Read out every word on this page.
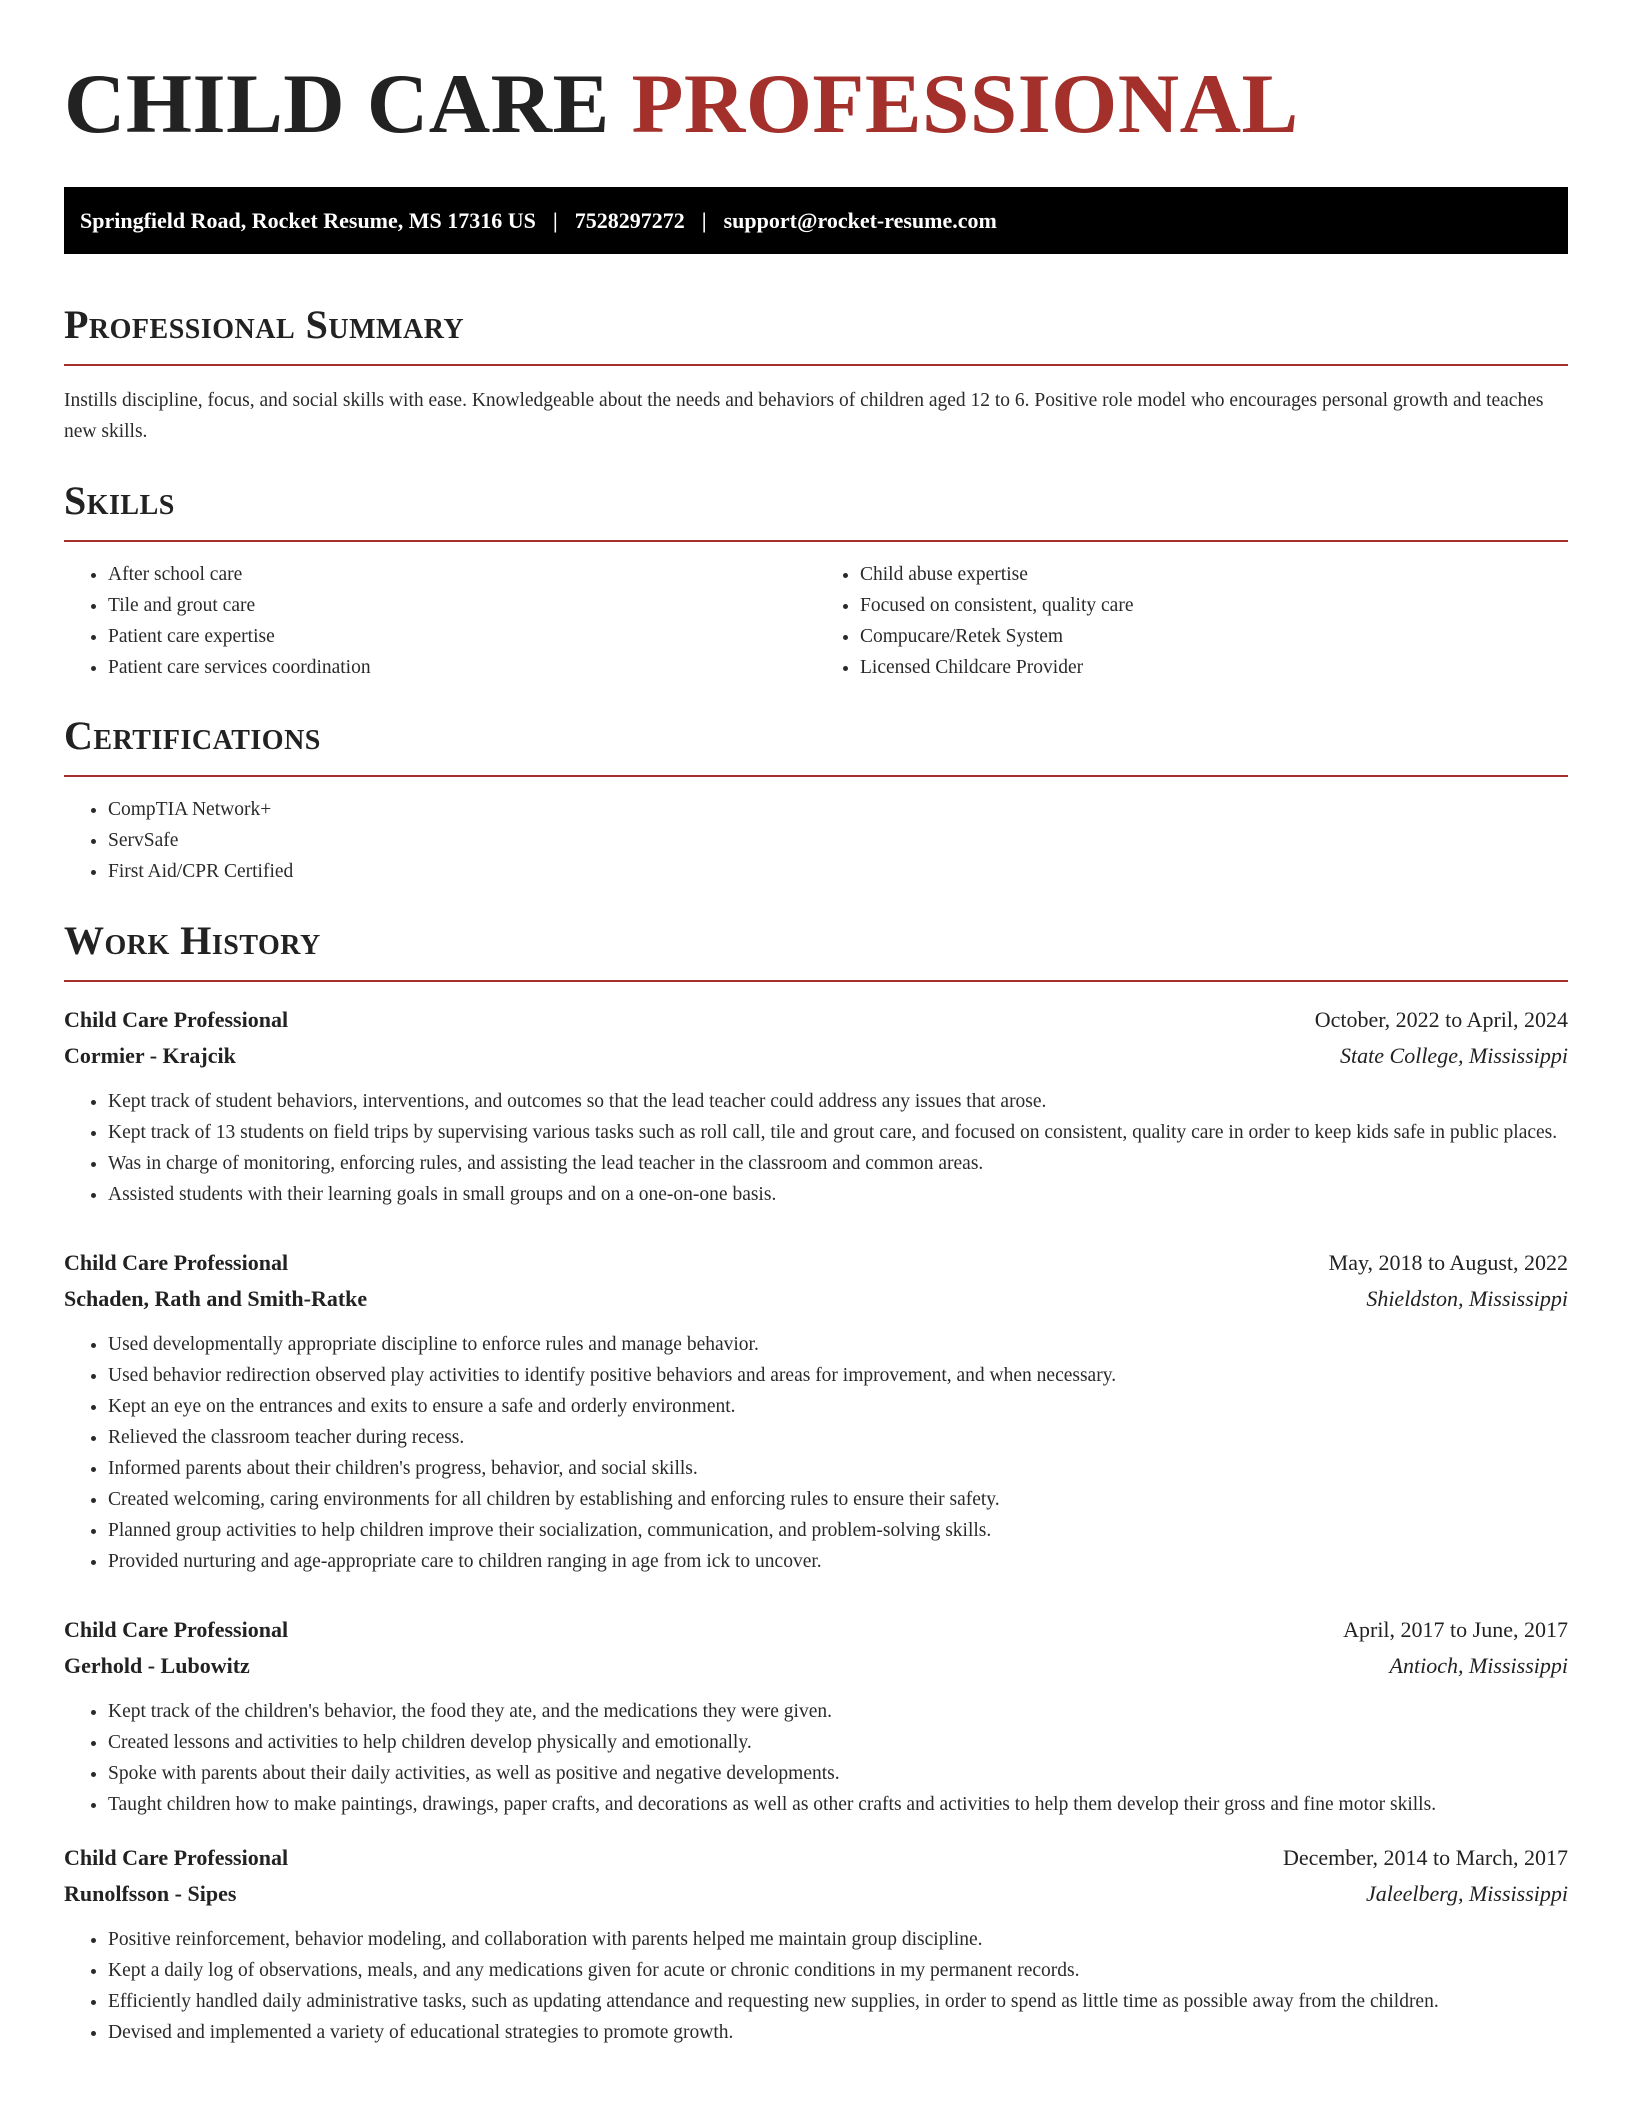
CHILD CARE PROFESSIONAL
Springfield Road, Rocket Resume, MS 17316 US | 7528297272 | support@rocket-resume.com
Professional Summary

Instills discipline, focus, and social skills with ease. Knowledgeable about the needs and behaviors of children aged 12 to 6. Positive role model who encourages personal growth and teaches new skills.

Skills
• After school care
• Tile and grout care
• Patient care expertise
• Patient care services coordination
• Child abuse expertise
• Focused on consistent, quality care
• Compucare/Retek System
• Licensed Childcare Provider
Certifications
• CompTIA Network+
• ServSafe
• First Aid/CPR Certified
Work History
Child Care Professional	October, 2022 to April, 2024
Cormier - Krajcik	State College, Mississippi
• Kept track of student behaviors, interventions, and outcomes so that the lead teacher could address any issues that arose.
• Kept track of 13 students on field trips by supervising various tasks such as roll call, tile and grout care, and focused on consistent, quality care in order to keep kids safe in public places.
• Was in charge of monitoring, enforcing rules, and assisting the lead teacher in the classroom and common areas.
• Assisted students with their learning goals in small groups and on a one-on-one basis.
Child Care Professional	May, 2018 to August, 2022
Schaden, Rath and Smith-Ratke	Shieldston, Mississippi
• Used developmentally appropriate discipline to enforce rules and manage behavior.
• Used behavior redirection observed play activities to identify positive behaviors and areas for improvement, and when necessary.
• Kept an eye on the entrances and exits to ensure a safe and orderly environment.
• Relieved the classroom teacher during recess.
• Informed parents about their children's progress, behavior, and social skills.
• Created welcoming, caring environments for all children by establishing and enforcing rules to ensure their safety.
• Planned group activities to help children improve their socialization, communication, and problem-solving skills.
• Provided nurturing and age-appropriate care to children ranging in age from ick to uncover.
Child Care Professional	April, 2017 to June, 2017
Gerhold - Lubowitz	Antioch, Mississippi
• Kept track of the children's behavior, the food they ate, and the medications they were given.
• Created lessons and activities to help children develop physically and emotionally.
• Spoke with parents about their daily activities, as well as positive and negative developments.
• Taught children how to make paintings, drawings, paper crafts, and decorations as well as other crafts and activities to help them develop their gross and fine motor skills.
Child Care Professional	December, 2014 to March, 2017
Runolfsson - Sipes	Jaleelberg, Mississippi
• Positive reinforcement, behavior modeling, and collaboration with parents helped me maintain group discipline.
• Kept a daily log of observations, meals, and any medications given for acute or chronic conditions in my permanent records.
• Efficiently handled daily administrative tasks, such as updating attendance and requesting new supplies, in order to spend as little time as possible away from the children.
• Devised and implemented a variety of educational strategies to promote growth.
